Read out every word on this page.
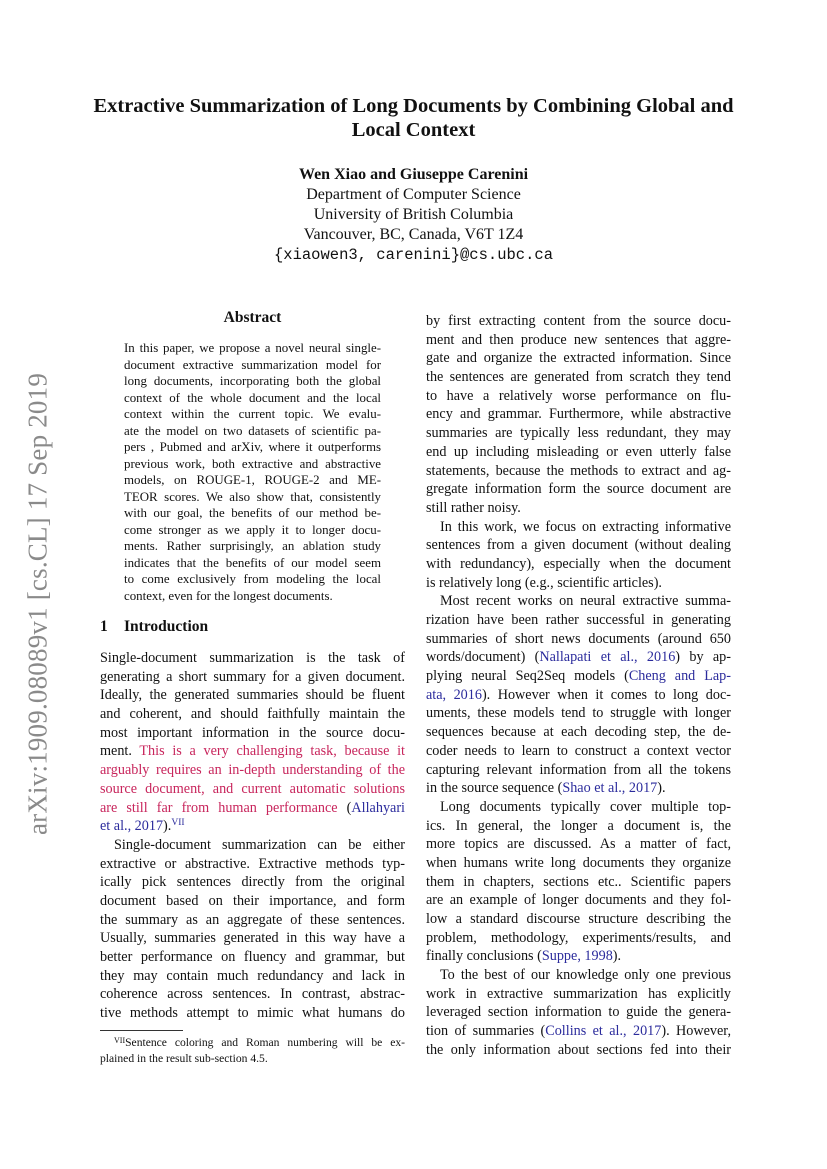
arXiv:1909.08089v1 [cs.CL] 17 Sep 2019
Extractive Summarization of Long Documents by Combining Global and
Local Context
Wen Xiao and Giuseppe Carenini
Department of Computer Science
University of British Columbia
Vancouver, BC, Canada, V6T 1Z4
{xiaowen3, carenini}@cs.ubc.ca
Abstract
In this paper, we propose a novel neural single-
document extractive summarization model for
long documents, incorporating both the global
context of the whole document and the local
context within the current topic. We evalu-
ate the model on two datasets of scientific pa-
pers , Pubmed and arXiv, where it outperforms
previous work, both extractive and abstractive
models, on ROUGE-1, ROUGE-2 and ME-
TEOR scores. We also show that, consistently
with our goal, the benefits of our method be-
come stronger as we apply it to longer docu-
ments. Rather surprisingly, an ablation study
indicates that the benefits of our model seem
to come exclusively from modeling the local
context, even for the longest documents.
1 Introduction
Single-document summarization is the task of
generating a short summary for a given document.
Ideally, the generated summaries should be fluent
and coherent, and should faithfully maintain the
most important information in the source docu-
ment. This is a very challenging task, because it
arguably requires an in-depth understanding of the
source document, and current automatic solutions
are still far from human performance (Allahyari
et al., 2017).$^{VII}$
Single-document summarization can be either
extractive or abstractive. Extractive methods typ-
ically pick sentences directly from the original
document based on their importance, and form
the summary as an aggregate of these sentences.
Usually, summaries generated in this way have a
better performance on fluency and grammar, but
they may contain much redundancy and lack in
coherence across sentences. In contrast, abstrac-
tive methods attempt to mimic what humans do
$^{VII}$Sentence coloring and Roman numbering will be ex-
plained in the result sub-section 4.5.
by first extracting content from the source docu-
ment and then produce new sentences that aggre-
gate and organize the extracted information. Since
the sentences are generated from scratch they tend
to have a relatively worse performance on flu-
ency and grammar. Furthermore, while abstractive
summaries are typically less redundant, they may
end up including misleading or even utterly false
statements, because the methods to extract and ag-
gregate information form the source document are
still rather noisy.
In this work, we focus on extracting informative
sentences from a given document (without dealing
with redundancy), especially when the document
is relatively long (e.g., scientific articles).
Most recent works on neural extractive summa-
rization have been rather successful in generating
summaries of short news documents (around 650
words/document) (Nallapati et al., 2016) by ap-
plying neural Seq2Seq models (Cheng and Lap-
ata, 2016). However when it comes to long doc-
uments, these models tend to struggle with longer
sequences because at each decoding step, the de-
coder needs to learn to construct a context vector
capturing relevant information from all the tokens
in the source sequence (Shao et al., 2017).
Long documents typically cover multiple top-
ics. In general, the longer a document is, the
more topics are discussed. As a matter of fact,
when humans write long documents they organize
them in chapters, sections etc.. Scientific papers
are an example of longer documents and they fol-
low a standard discourse structure describing the
problem, methodology, experiments/results, and
finally conclusions (Suppe, 1998).
To the best of our knowledge only one previous
work in extractive summarization has explicitly
leveraged section information to guide the genera-
tion of summaries (Collins et al., 2017). However,
the only information about sections fed into their
